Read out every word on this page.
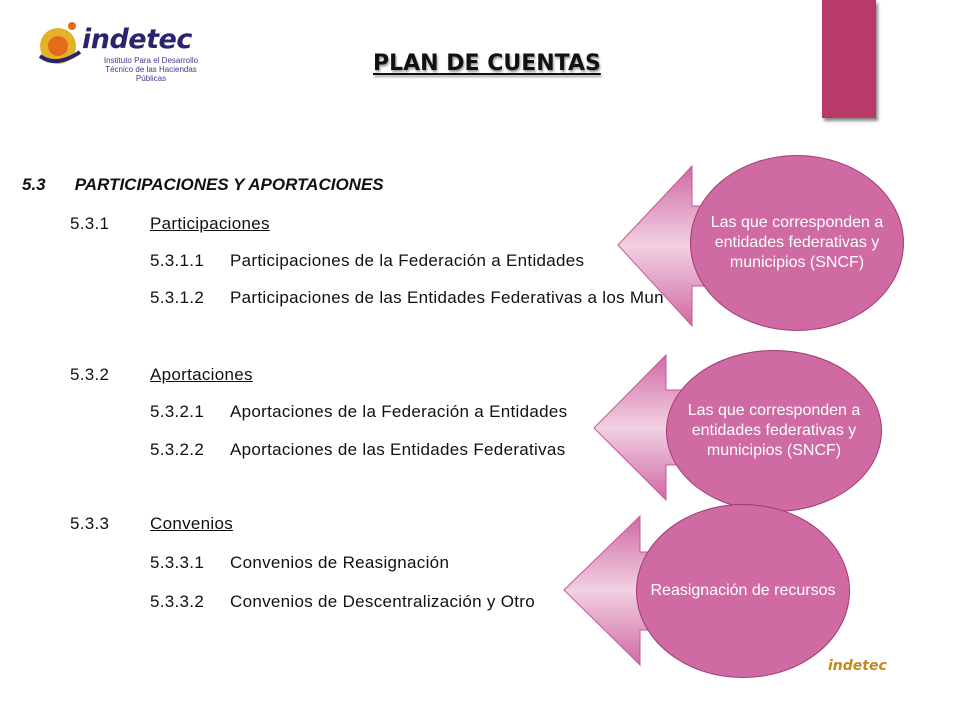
indetec
Instituto Para el Desarrollo Técnico de las Haciendas Públicas
PLAN DE CUENTAS
5.3 PARTICIPACIONES Y APORTACIONES
5.3.1 Participaciones
5.3.1.1 Participaciones de la Federación a Entidades
5.3.1.2 Participaciones de las Entidades Federativas a los Mun
5.3.2 Aportaciones
5.3.2.1 Aportaciones de la Federación a Entidades
5.3.2.2 Aportaciones de las Entidades Federativas
5.3.3 Convenios
5.3.3.1 Convenios de Reasignación
5.3.3.2 Convenios de Descentralización y Otro
Las que corresponden a entidades federativas y municipios (SNCF)
Las que corresponden a entidades federativas y municipios (SNCF)
Reasignación de recursos
indetec
